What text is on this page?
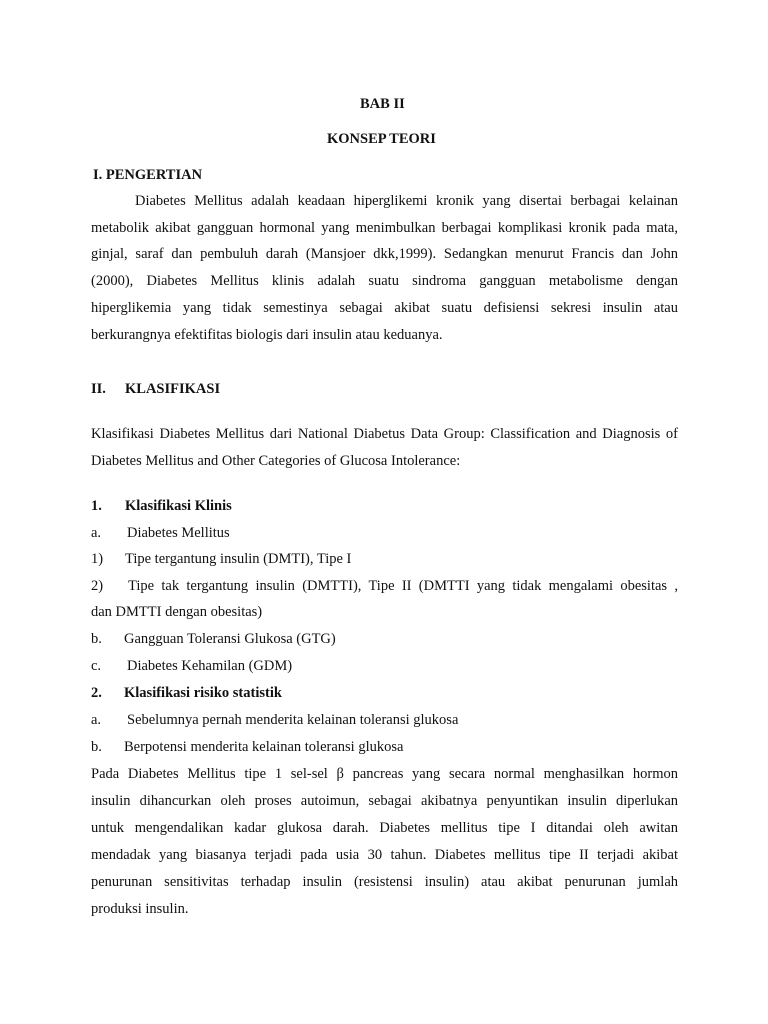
BAB II
KONSEP TEORI
I. PENGERTIAN
Diabetes Mellitus adalah keadaan hiperglikemi kronik yang disertai berbagai kelainan
metabolik akibat gangguan hormonal yang menimbulkan berbagai komplikasi kronik pada mata,
ginjal, saraf dan pembuluh darah (Mansjoer dkk,1999). Sedangkan menurut Francis dan John
(2000), Diabetes Mellitus klinis adalah suatu sindroma gangguan metabolisme dengan
hiperglikemia yang tidak semestinya sebagai akibat suatu defisiensi sekresi insulin atau
berkurangnya efektifitas biologis dari insulin atau keduanya.
II. KLASIFIKASI
Klasifikasi Diabetes Mellitus dari National Diabetus Data Group: Classification and Diagnosis of
Diabetes Mellitus and Other Categories of Glucosa Intolerance:
1. Klasifikasi Klinis
a. Diabetes Mellitus
1) Tipe tergantung insulin (DMTI), Tipe I
2) Tipe tak tergantung insulin (DMTTI), Tipe II (DMTTI yang tidak mengalami obesitas ,
dan DMTTI dengan obesitas)
b. Gangguan Toleransi Glukosa (GTG)
c. Diabetes Kehamilan (GDM)
2. Klasifikasi risiko statistik
a. Sebelumnya pernah menderita kelainan toleransi glukosa
b. Berpotensi menderita kelainan toleransi glukosa
Pada Diabetes Mellitus tipe 1 sel-sel β pancreas yang secara normal menghasilkan hormon
insulin dihancurkan oleh proses autoimun, sebagai akibatnya penyuntikan insulin diperlukan
untuk mengendalikan kadar glukosa darah. Diabetes mellitus tipe I ditandai oleh awitan
mendadak yang biasanya terjadi pada usia 30 tahun. Diabetes mellitus tipe II terjadi akibat
penurunan sensitivitas terhadap insulin (resistensi insulin) atau akibat penurunan jumlah
produksi insulin.
